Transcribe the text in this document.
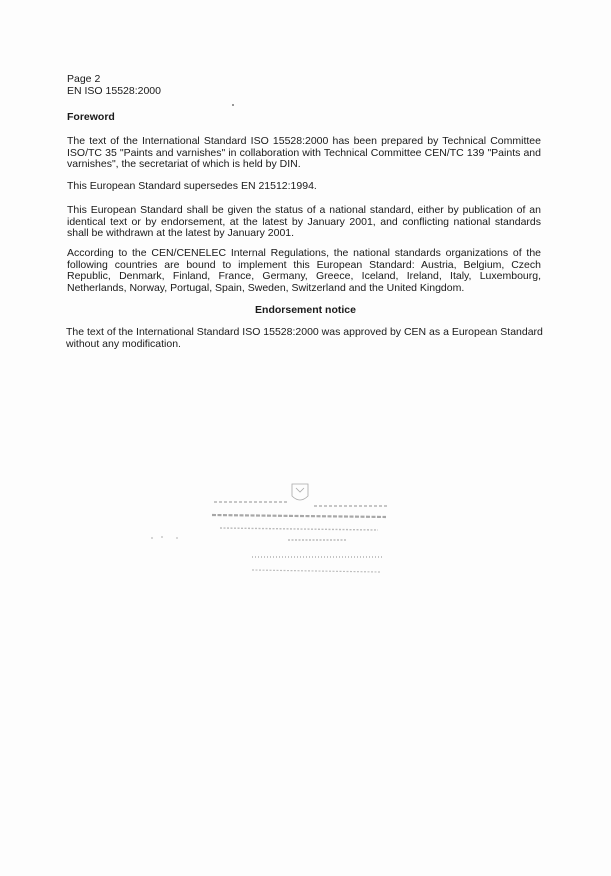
Page 2
EN ISO 15528:2000
Foreword
The text of the International Standard ISO 15528:2000 has been prepared by Technical Committee ISO/TC 35 "Paints and varnishes" in collaboration with Technical Committee CEN/TC 139 "Paints and varnishes", the secretariat of which is held by DIN.
This European Standard supersedes EN 21512:1994.
This European Standard shall be given the status of a national standard, either by publication of an identical text or by endorsement, at the latest by January 2001, and conflicting national standards shall be withdrawn at the latest by January 2001.
According to the CEN/CENELEC Internal Regulations, the national standards organizations of the following countries are bound to implement this European Standard: Austria, Belgium, Czech Republic, Denmark, Finland, France, Germany, Greece, Iceland, Ireland, Italy, Luxembourg, Netherlands, Norway, Portugal, Spain, Sweden, Switzerland and the United Kingdom.
Endorsement notice
The text of the International Standard ISO 15528:2000 was approved by CEN as a European Standard without any modification.
